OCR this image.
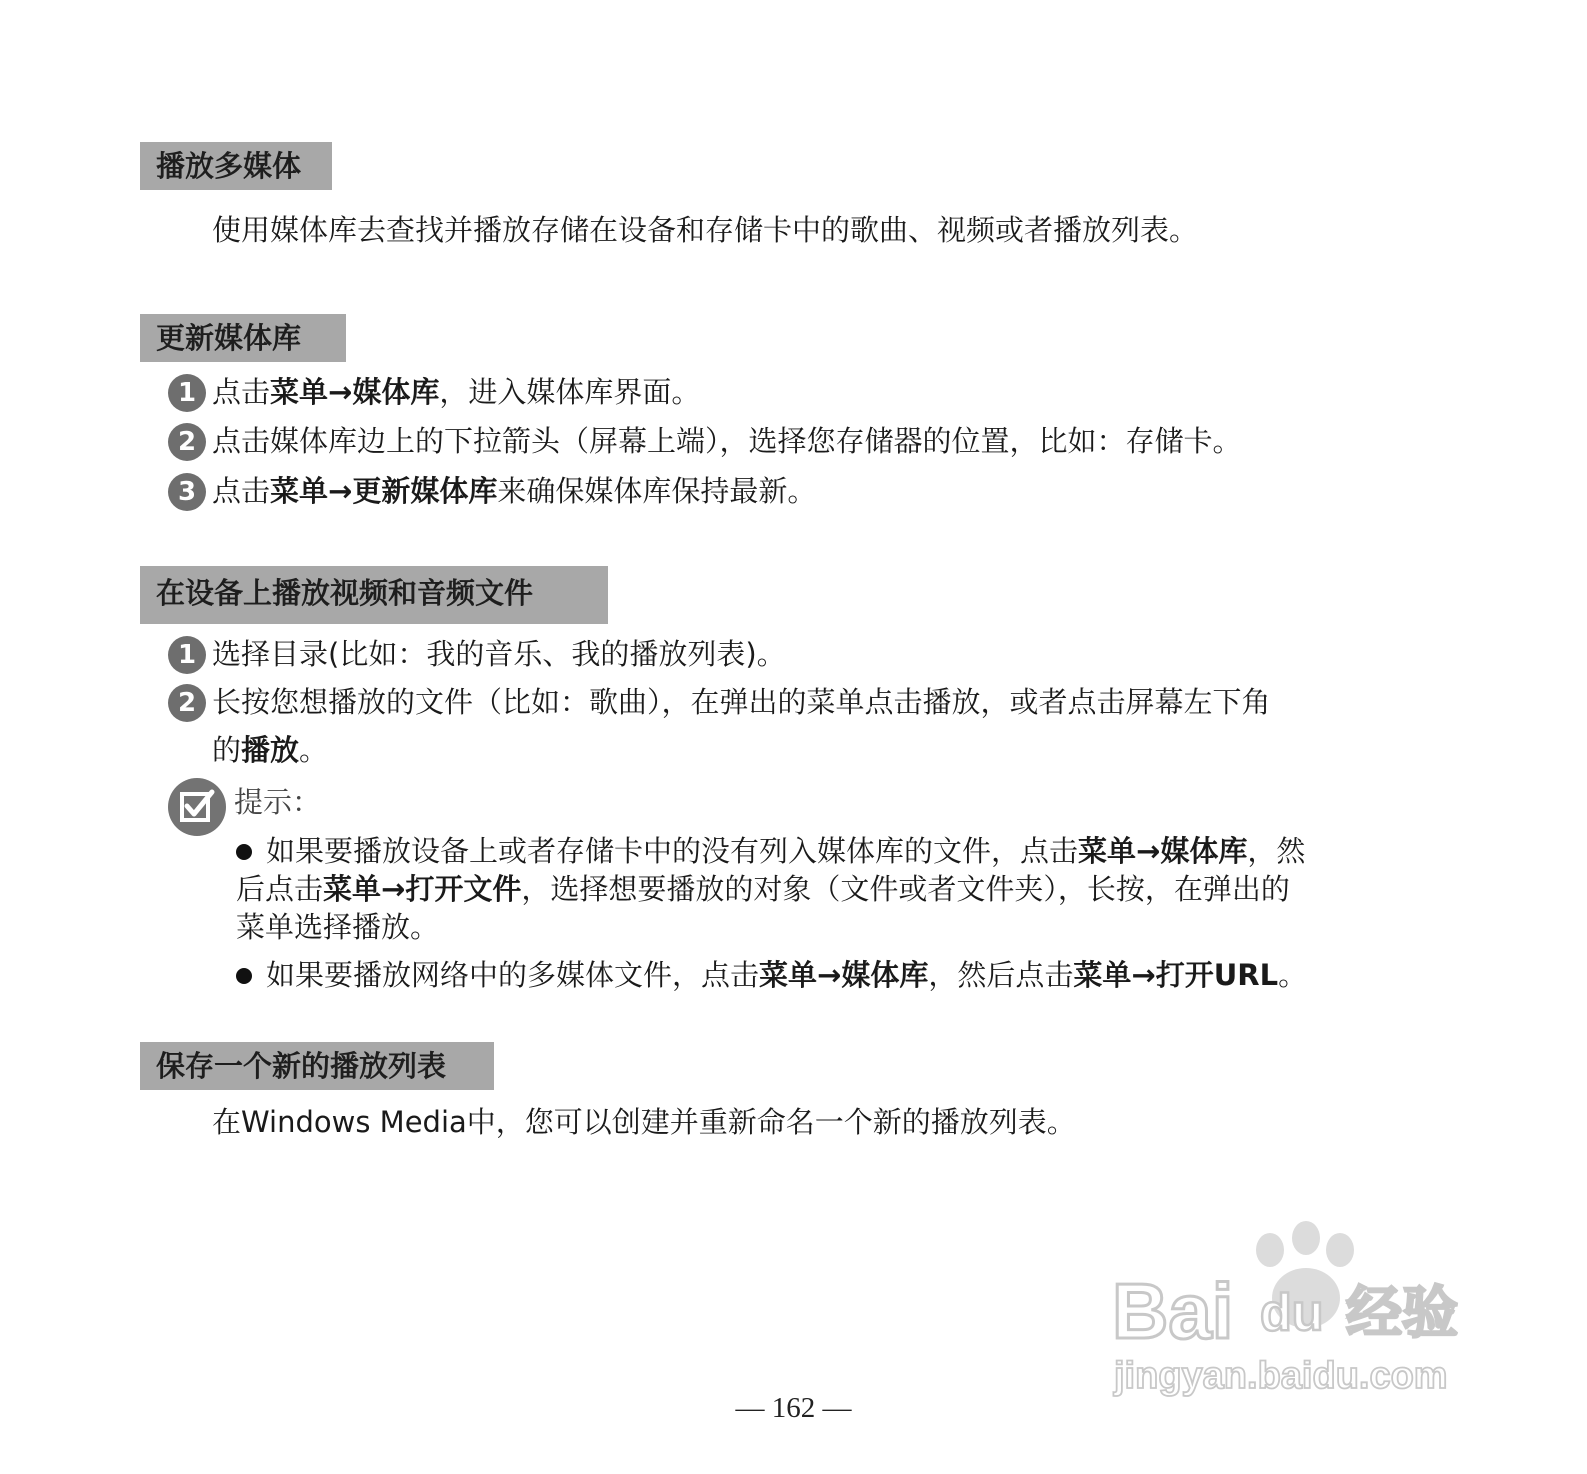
播放多媒体
使用媒体库去查找并播放存储在设备和存储卡中的歌曲、视频或者播放列表。
更新媒体库
1 点击菜单→媒体库，进入媒体库界面。
2 点击媒体库边上的下拉箭头（屏幕上端），选择您存储器的位置，比如：存储卡。
3 点击菜单→更新媒体库来确保媒体库保持最新。
在设备上播放视频和音频文件
1 选择目录(比如：我的音乐、我的播放列表)。
2 长按您想播放的文件（比如：歌曲），在弹出的菜单点击播放，或者点击屏幕左下角
的播放。
提示：
如果要播放设备上或者存储卡中的没有列入媒体库的文件，点击菜单→媒体库，然
后点击菜单→打开文件，选择想要播放的对象（文件或者文件夹），长按，在弹出的
菜单选择播放。
如果要播放网络中的多媒体文件，点击菜单→媒体库，然后点击菜单→打开URL。
保存一个新的播放列表
在Windows Media中，您可以创建并重新命名一个新的播放列表。
Bai du 经验
jingyan.baidu.com
— 162 —
